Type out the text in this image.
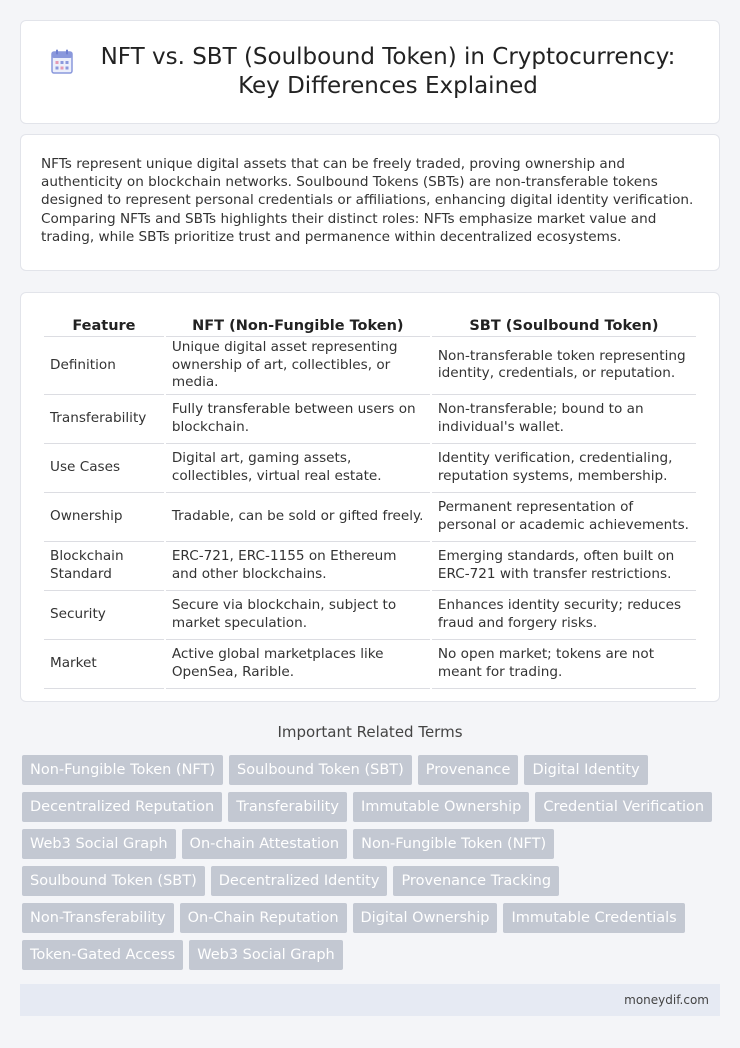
NFT vs. SBT (Soulbound Token) in Cryptocurrency: Key Differences Explained

NFTs represent unique digital assets that can be freely traded, proving ownership and authenticity on blockchain networks. Soulbound Tokens (SBTs) are non-transferable tokens designed to represent personal credentials or affiliations, enhancing digital identity verification. Comparing NFTs and SBTs highlights their distinct roles: NFTs emphasize market value and trading, while SBTs prioritize trust and permanence within decentralized ecosystems.

Feature	NFT (Non-Fungible Token)	SBT (Soulbound Token)
Definition	Unique digital asset representing ownership of art, collectibles, or media.	Non-transferable token representing identity, credentials, or reputation.
Transferability	Fully transferable between users on blockchain.	Non-transferable; bound to an individual's wallet.
Use Cases	Digital art, gaming assets, collectibles, virtual real estate.	Identity verification, credentialing, reputation systems, membership.
Ownership	Tradable, can be sold or gifted freely.	Permanent representation of personal or academic achievements.
Blockchain Standard	ERC-721, ERC-1155 on Ethereum and other blockchains.	Emerging standards, often built on ERC-721 with transfer restrictions.
Security	Secure via blockchain, subject to market speculation.	Enhances identity security; reduces fraud and forgery risks.
Market	Active global marketplaces like OpenSea, Rarible.	No open market; tokens are not meant for trading.
Important Related Terms
Non-Fungible Token (NFT)	Soulbound Token (SBT)	Provenance	Digital Identity
Decentralized Reputation	Transferability	Immutable Ownership	Credential Verification
Web3 Social Graph	On-chain Attestation	Non-Fungible Token (NFT)
Soulbound Token (SBT)	Decentralized Identity	Provenance Tracking
Non-Transferability	On-Chain Reputation	Digital Ownership	Immutable Credentials
Token-Gated Access	Web3 Social Graph
moneydif.com
